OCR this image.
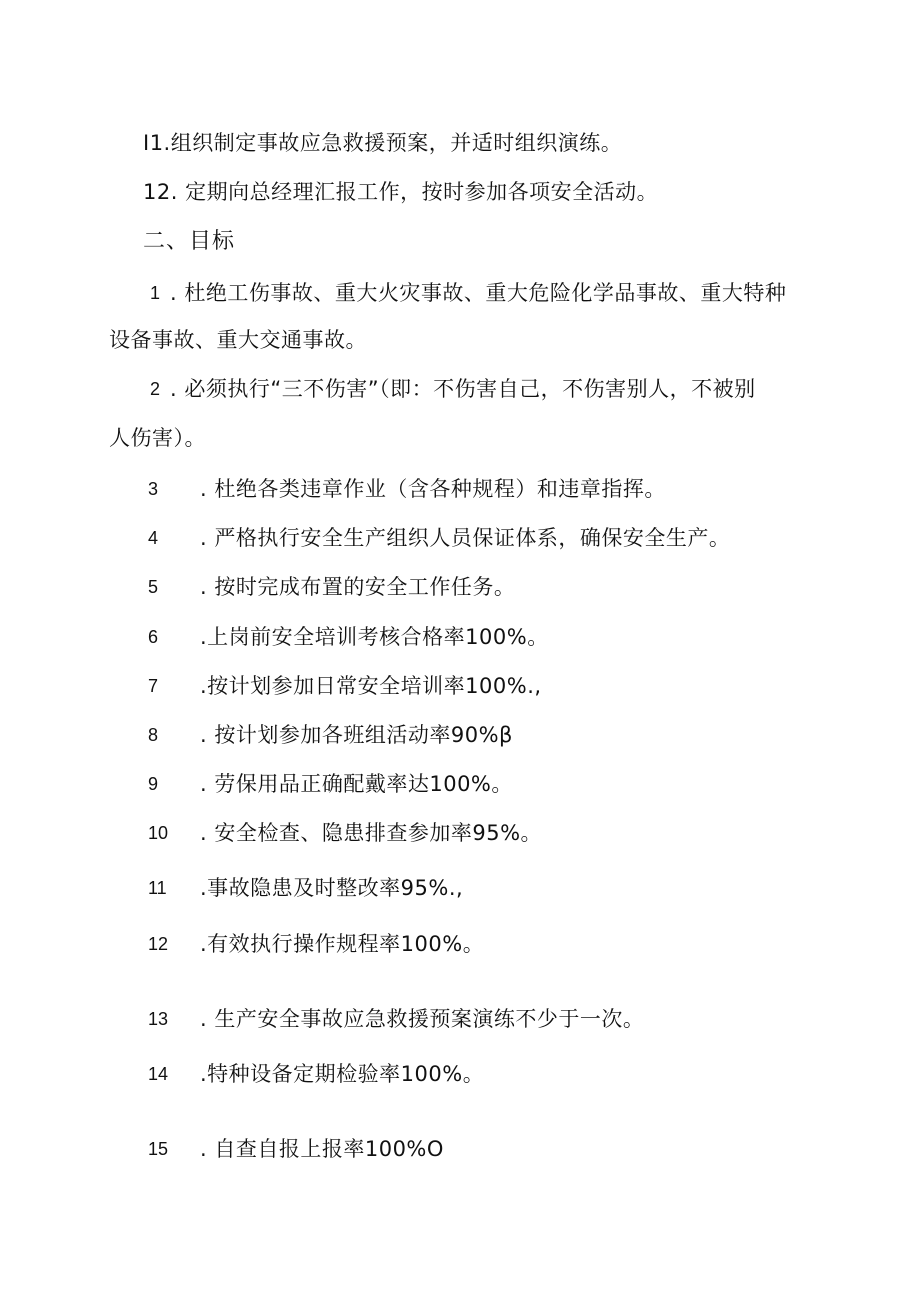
I1.组织制定事故应急救援预案，并适时组织演练。
12. 定期向总经理汇报工作，按时参加各项安全活动。
二、目标
1 . 杜绝工伤事故、重大火灾事故、重大危险化学品事故、重大特种
设备事故、重大交通事故。
2 . 必须执行“三不伤害”（即：不伤害自己，不伤害别人，不被别
人伤害）。
3 . 杜绝各类违章作业（含各种规程）和违章指挥。
4 . 严格执行安全生产组织人员保证体系，确保安全生产。
5 . 按时完成布置的安全工作任务。
6 .上岗前安全培训考核合格率100%。
7 .按计划参加日常安全培训率100%.,
8 . 按计划参加各班组活动率90%β
9 . 劳保用品正确配戴率达100%。
10 . 安全检查、隐患排查参加率95%。
11 .事故隐患及时整改率95%.,
12 .有效执行操作规程率100%。
13 . 生产安全事故应急救援预案演练不少于一次。
14 .特种设备定期检验率100%。
15 . 自查自报上报率100%O
